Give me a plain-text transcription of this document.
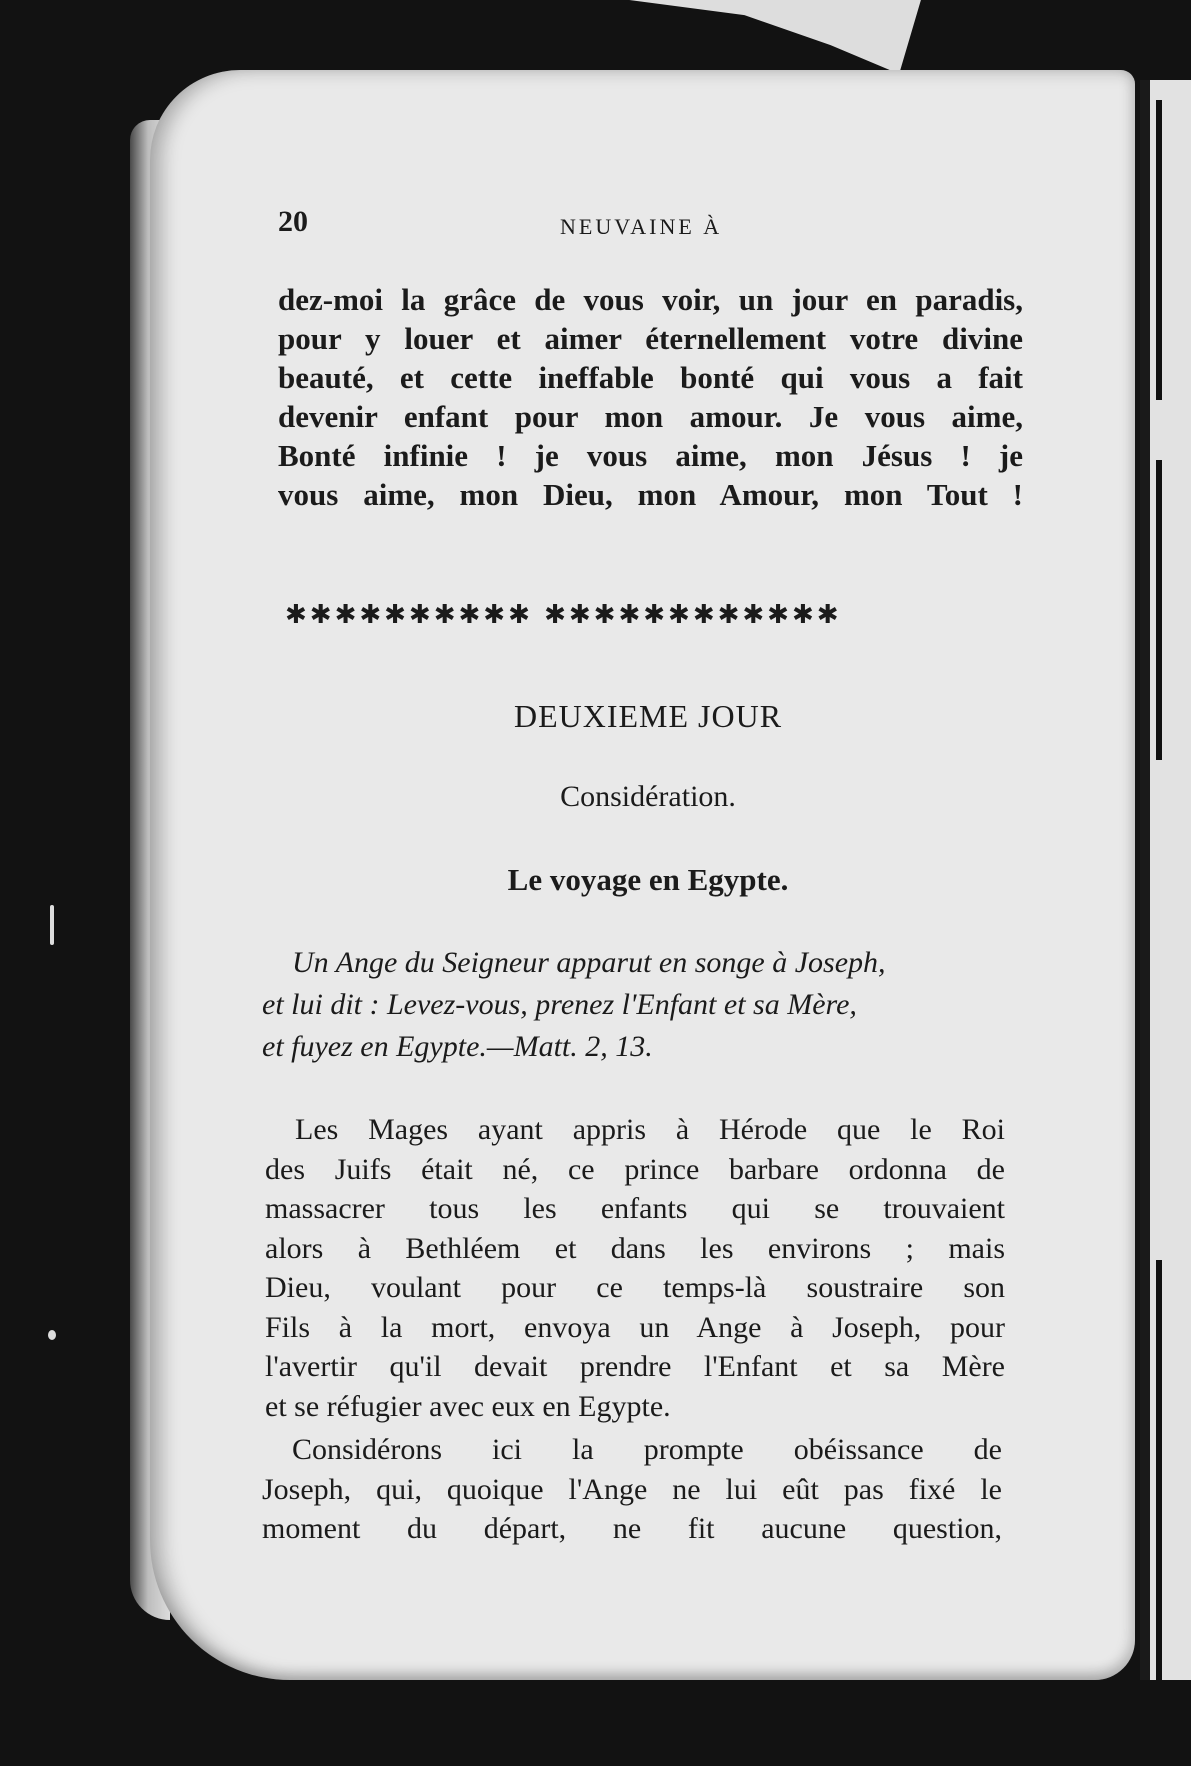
20	NEUVAINE À
dez-moi la grâce de vous voir, un jour en paradis,
pour y louer et aimer éternellement votre divine
beauté, et cette ineffable bonté qui vous a fait
devenir enfant pour mon amour. Je vous aime,
Bonté infinie ! je vous aime, mon Jésus ! je
vous aime, mon Dieu, mon Amour, mon Tout !
✱✱✱✱✱✱✱✱✱✱ ✱✱✱✱✱✱✱✱✱✱✱✱
DEUXIEME JOUR
Considération.
Le voyage en Egypte.
Un Ange du Seigneur apparut en songe à Joseph,
et lui dit : Levez-vous, prenez l'Enfant et sa Mère,
et fuyez en Egypte.—Matt. 2, 13.
Les Mages ayant appris à Hérode que le Roi
des Juifs était né, ce prince barbare ordonna de
massacrer tous les enfants qui se trouvaient
alors à Bethléem et dans les environs ; mais
Dieu, voulant pour ce temps-là soustraire son
Fils à la mort, envoya un Ange à Joseph, pour
l'avertir qu'il devait prendre l'Enfant et sa Mère
et se réfugier avec eux en Egypte.
Considérons ici la prompte obéissance de
Joseph, qui, quoique l'Ange ne lui eût pas fixé le
moment du départ, ne fit aucune question,
